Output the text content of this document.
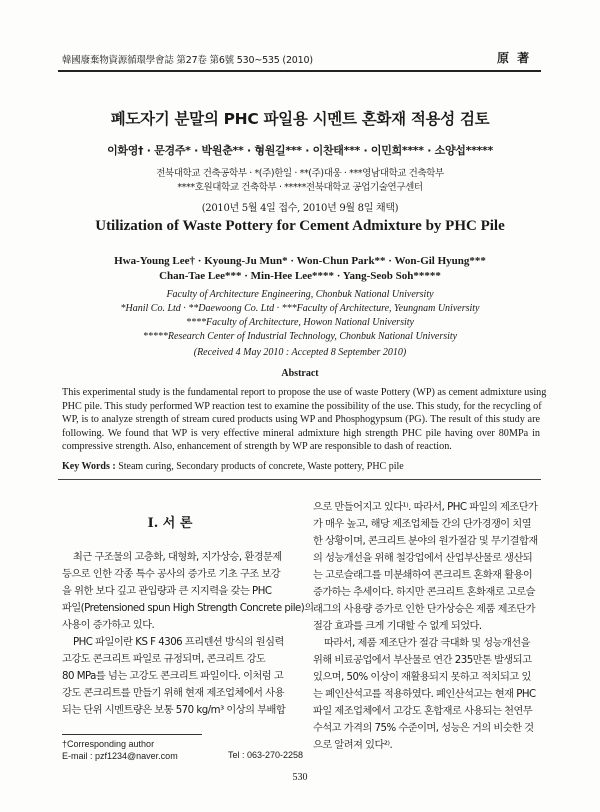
韓國廢棄物資源循環學會誌 第27卷 第6號 530~535 (2010)	原 著
폐도자기 분말의 PHC 파일용 시멘트 혼화재 적용성 검토
이화영† · 문경주* · 박원춘** · 형원길*** · 이찬태*** · 이민희**** · 소양섭*****
전북대학교 건축공학부 · *(주)한일 · **(주)대웅 · ***영남대학교 건축학부
****호원대학교 건축학부 · *****전북대학교 공업기술연구센터
(2010년 5월 4일 접수, 2010년 9월 8일 채택)
Utilization of Waste Pottery for Cement Admixture by PHC Pile
Hwa-Young Lee† · Kyoung-Ju Mun* · Won-Chun Park** · Won-Gil Hyung***
Chan-Tae Lee*** · Min-Hee Lee**** · Yang-Seob Soh*****
Faculty of Architecture Engineering, Chonbuk National University
*Hanil Co. Ltd · **Daewoong Co. Ltd · ***Faculty of Architecture, Yeungnam University
****Faculty of Architecture, Howon National University
*****Research Center of Industrial Technology, Chonbuk National University
(Received 4 May 2010 : Accepted 8 September 2010)
Abstract
This experimental study is the fundamental report to propose the use of waste Pottery (WP) as cement admixture using
PHC pile. This study performed WP reaction test to examine the possibility of the use. This study, for the recycling of
WP, is to analyze strength of stream cured products using WP and Phosphogypsum (PG). The result of this study are
following. We found that WP is very effective mineral admixture high strength PHC pile having over 80MPa in
compressive strength. Also, enhancement of strength by WP are responsible to dash of reaction.
Key Words : Steam curing, Secondary products of concrete, Waste pottery, PHC pile
I. 서 론
최근 구조물의 고층화, 대형화, 지가상승, 환경문제
등으로 인한 각종 특수 공사의 증가로 기초 구조 보강
을 위한 보다 깊고 관입량과 큰 지지력을 갖는 PHC
파일(Pretensioned spun High Strength Concrete pile)의
사용이 증가하고 있다.
PHC 파일이란 KS F 4306 프리텐션 방식의 원심력
고강도 콘크리트 파일로 규정되며, 콘크리트 강도
80 MPa를 넘는 고강도 콘크리트 파일이다. 이처럼 고
강도 콘크리트를 만들기 위해 현재 제조업체에서 사용
되는 단위 시멘트량은 보통 570 kg/m³ 이상의 부배합
으로 만들어지고 있다¹⁾. 따라서, PHC 파일의 제조단가
가 매우 높고, 해당 제조업체들 간의 단가경쟁이 치열
한 상황이며, 콘크리트 분야의 원가절감 및 무기결합재
의 성능개선을 위해 철강업에서 산업부산물로 생산되
는 고로슬래그를 미분쇄하여 콘크리트 혼화재 활용이
증가하는 추세이다. 하지만 콘크리트 혼화재로 고로슬
래그의 사용량 증가로 인한 단가상승은 제품 제조단가
절감 효과를 크게 기대할 수 없게 되었다.
따라서, 제품 제조단가 절감 극대화 및 성능개선을
위해 비료공업에서 부산물로 연간 235만톤 발생되고
있으며, 50% 이상이 재활용되지 못하고 적치되고 있
는 폐인산석고를 적용하였다. 폐인산석고는 현재 PHC
파일 제조업체에서 고강도 혼합재로 사용되는 천연무
수석고 가격의 75% 수준이며, 성능은 거의 비슷한 것
으로 알려져 있다²⁾.
†Corresponding author
E-mail : pzf1234@naver.com	Tel : 063-270-2258
530
